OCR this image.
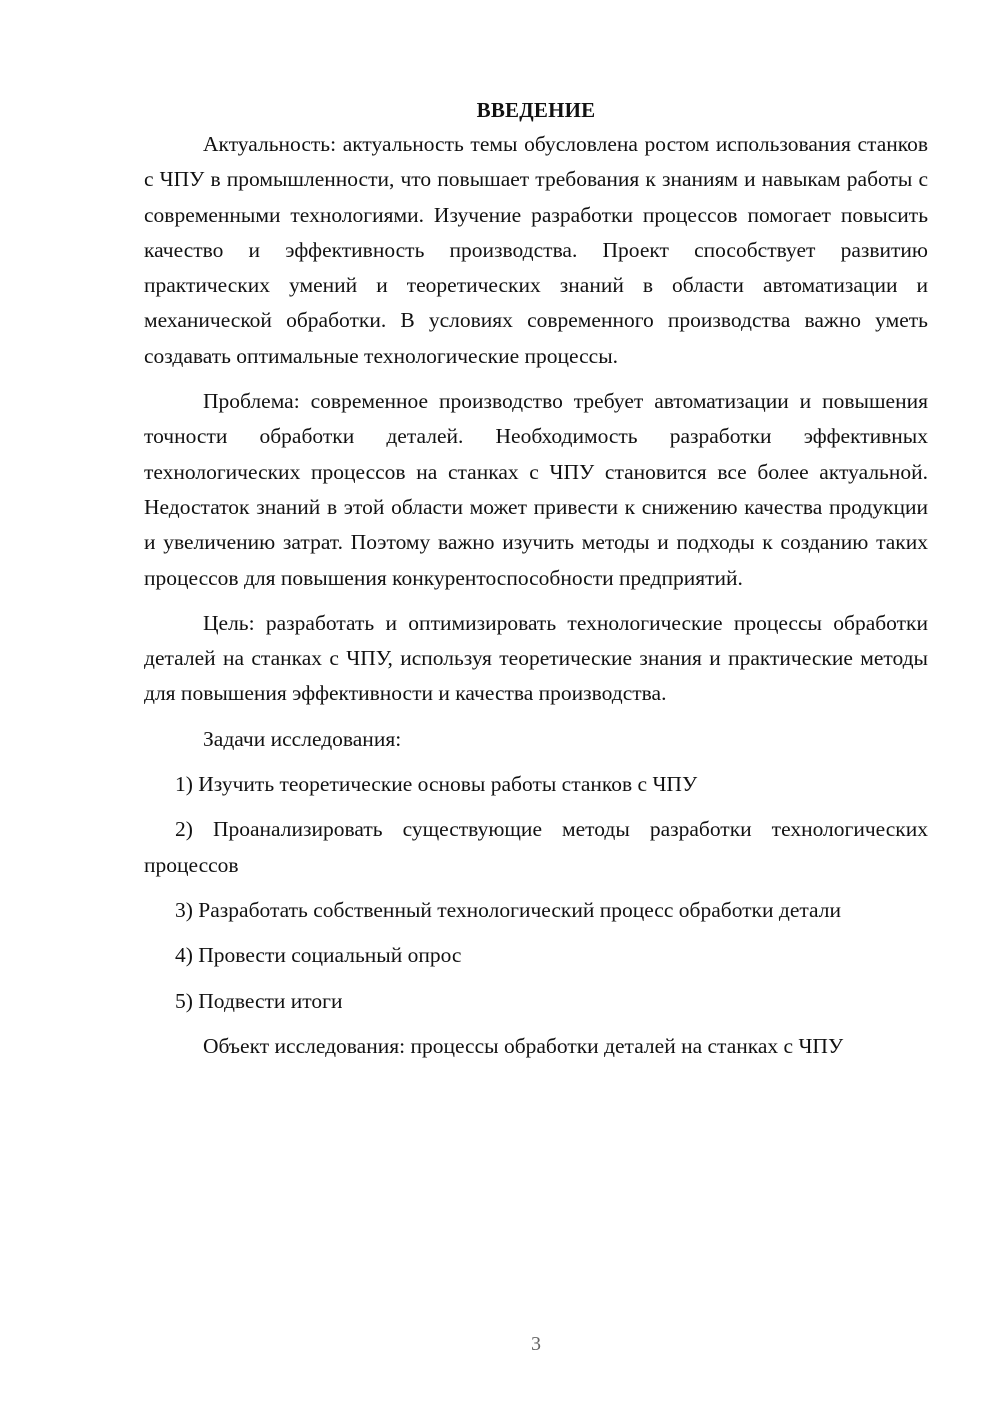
ВВЕДЕНИЕ

Актуальность: актуальность темы обусловлена ростом использования станков с ЧПУ в промышленности, что повышает требования к знаниям и навыкам работы с современными технологиями. Изучение разработки процессов помогает повысить качество и эффективность производства. Проект способствует развитию практических умений и теоретических знаний в области автоматизации и механической обработки. В условиях современного производства важно уметь создавать оптимальные технологические процессы.

Проблема: современное производство требует автоматизации и повышения точности обработки деталей. Необходимость разработки эффективных технологических процессов на станках с ЧПУ становится все более актуальной. Недостаток знаний в этой области может привести к снижению качества продукции и увеличению затрат. Поэтому важно изучить методы и подходы к созданию таких процессов для повышения конкурентоспособности предприятий.

Цель: разработать и оптимизировать технологические процессы обработки деталей на станках с ЧПУ, используя теоретические знания и практические методы для повышения эффективности и качества производства.

Задачи исследования:

1) Изучить теоретические основы работы станков с ЧПУ

2) Проанализировать существующие методы разработки технологических процессов

3) Разработать собственный технологический процесс обработки детали

4) Провести социальный опрос

5) Подвести итоги

Объект исследования: процессы обработки деталей на станках с ЧПУ

3
